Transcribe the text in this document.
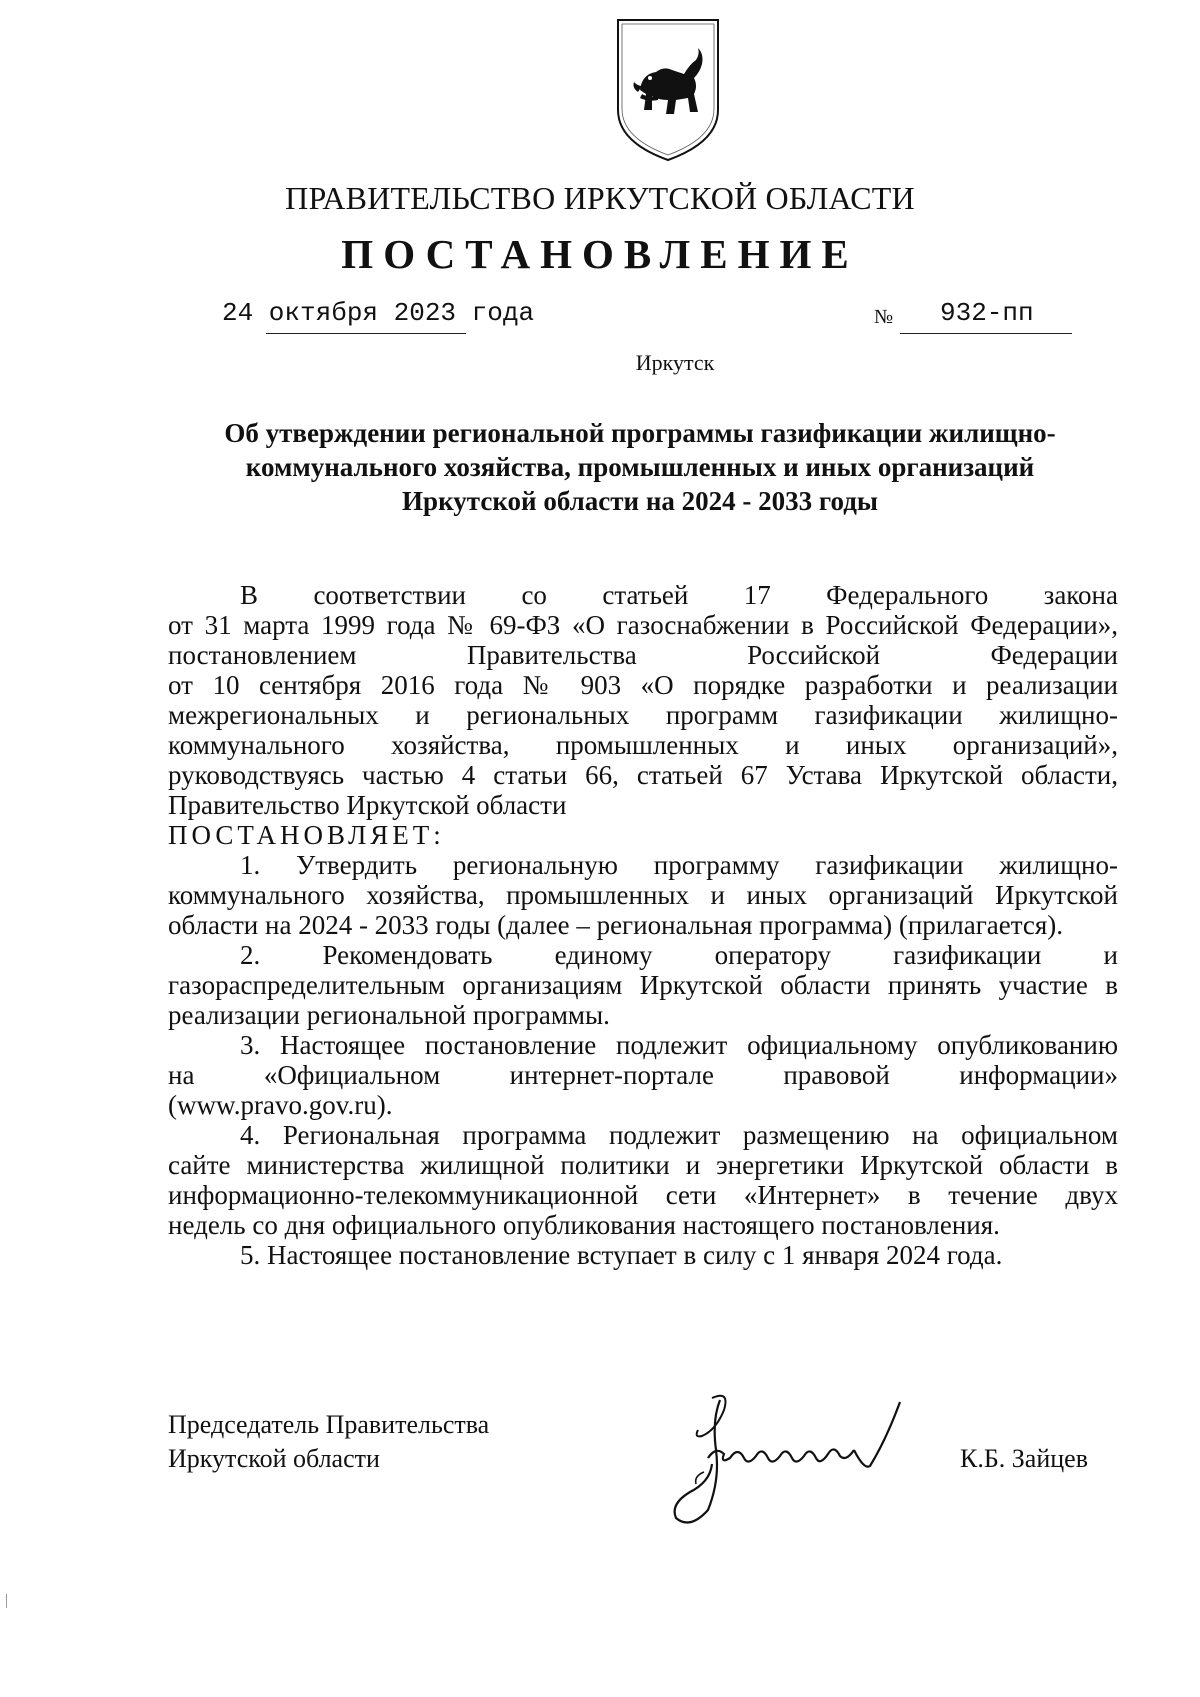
ПРАВИТЕЛЬСТВО ИРКУТСКОЙ ОБЛАСТИ
ПОСТАНОВЛЕНИЕ
24 октября 2023 года	№ 932-пп
Иркутск
Об утверждении региональной программы газификации жилищно-
коммунального хозяйства, промышленных и иных организаций
Иркутской области на 2024 - 2033 годы

В соответствии со статьей 17 Федерального закона

от 31 марта 1999 года № 69-ФЗ «О газоснабжении в Российской Федерации»,

постановлением Правительства Российской Федерации

от 10 сентября 2016 года № 903 «О порядке разработки и реализации

межрегиональных и региональных программ газификации жилищно-

коммунального хозяйства, промышленных и иных организаций»,

руководствуясь частью 4 статьи 66, статьей 67 Устава Иркутской области,

Правительство Иркутской области

ПОСТАНОВЛЯЕТ:

1. Утвердить региональную программу газификации жилищно-

коммунального хозяйства, промышленных и иных организаций Иркутской

области на 2024 - 2033 годы (далее – региональная программа) (прилагается).

2. Рекомендовать единому оператору газификации и

газораспределительным организациям Иркутской области принять участие в

реализации региональной программы.

3. Настоящее постановление подлежит официальному опубликованию

на «Официальном интернет-портале правовой информации»

(www.pravo.gov.ru).

4. Региональная программа подлежит размещению на официальном

сайте министерства жилищной политики и энергетики Иркутской области в

информационно-телекоммуникационной сети «Интернет» в течение двух

недель со дня официального опубликования настоящего постановления.

5. Настоящее постановление вступает в силу с 1 января 2024 года.

Председатель Правительства
Иркутской области	К.Б. Зайцев
